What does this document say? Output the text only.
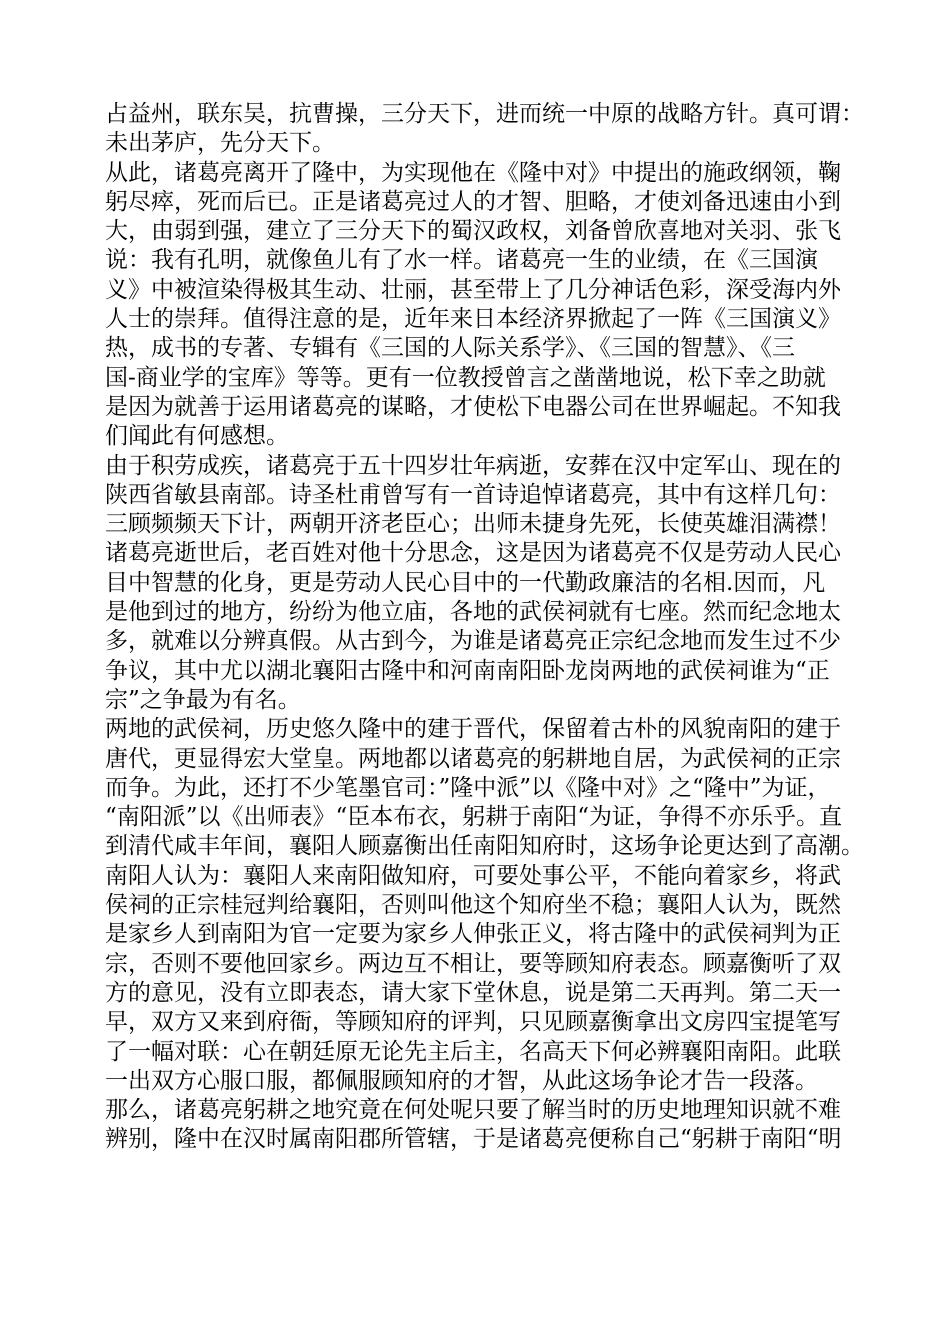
占益州，联东吴，抗曹操，三分天下，进而统一中原的战略方针。真可谓：
未出茅庐，先分天下。
从此，诸葛亮离开了隆中，为实现他在《隆中对》中提出的施政纲领，鞠
躬尽瘁，死而后已。正是诸葛亮过人的才智、胆略，才使刘备迅速由小到
大，由弱到强，建立了三分天下的蜀汉政权，刘备曾欣喜地对关羽、张飞
说：我有孔明，就像鱼儿有了水一样。诸葛亮一生的业绩，在《三国演
义》中被渲染得极其生动、壮丽，甚至带上了几分神话色彩，深受海内外
人士的崇拜。值得注意的是，近年来日本经济界掀起了一阵《三国演义》
热，成书的专著、专辑有《三国的人际关系学》、《三国的智慧》、《三
国-商业学的宝库》等等。更有一位教授曾言之凿凿地说，松下幸之助就
是因为就善于运用诸葛亮的谋略，才使松下电器公司在世界崛起。不知我
们闻此有何感想。
由于积劳成疾，诸葛亮于五十四岁壮年病逝，安葬在汉中定军山、现在的
陕西省敏县南部。诗圣杜甫曾写有一首诗追悼诸葛亮，其中有这样几句：
三顾频频天下计，两朝开济老臣心；出师未捷身先死，长使英雄泪满襟！
诸葛亮逝世后，老百姓对他十分思念，这是因为诸葛亮不仅是劳动人民心
目中智慧的化身，更是劳动人民心目中的一代勤政廉洁的名相.因而，凡
是他到过的地方，纷纷为他立庙，各地的武侯祠就有七座。然而纪念地太
多，就难以分辨真假。从古到今，为谁是诸葛亮正宗纪念地而发生过不少
争议，其中尤以湖北襄阳古隆中和河南南阳卧龙岗两地的武侯祠谁为“正
宗”之争最为有名。
两地的武侯祠，历史悠久隆中的建于晋代，保留着古朴的风貌南阳的建于
唐代，更显得宏大堂皇。两地都以诸葛亮的躬耕地自居，为武侯祠的正宗
而争。为此，还打不少笔墨官司：”隆中派”以《隆中对》之“隆中”为证，
“南阳派”以《出师表》“臣本布衣，躬耕于南阳“为证，争得不亦乐乎。直
到清代咸丰年间，襄阳人顾嘉衡出任南阳知府时，这场争论更达到了高潮。
南阳人认为：襄阳人来南阳做知府，可要处事公平，不能向着家乡，将武
侯祠的正宗桂冠判给襄阳，否则叫他这个知府坐不稳；襄阳人认为，既然
是家乡人到南阳为官一定要为家乡人伸张正义，将古隆中的武侯祠判为正
宗，否则不要他回家乡。两边互不相让，要等顾知府表态。顾嘉衡听了双
方的意见，没有立即表态，请大家下堂休息，说是第二天再判。第二天一
早，双方又来到府衙，等顾知府的评判，只见顾嘉衡拿出文房四宝提笔写
了一幅对联：心在朝廷原无论先主后主，名高天下何必辨襄阳南阳。此联
一出双方心服口服，都佩服顾知府的才智，从此这场争论才告一段落。
那么，诸葛亮躬耕之地究竟在何处呢只要了解当时的历史地理知识就不难
辨别，隆中在汉时属南阳郡所管辖，于是诸葛亮便称自己“躬耕于南阳“明
